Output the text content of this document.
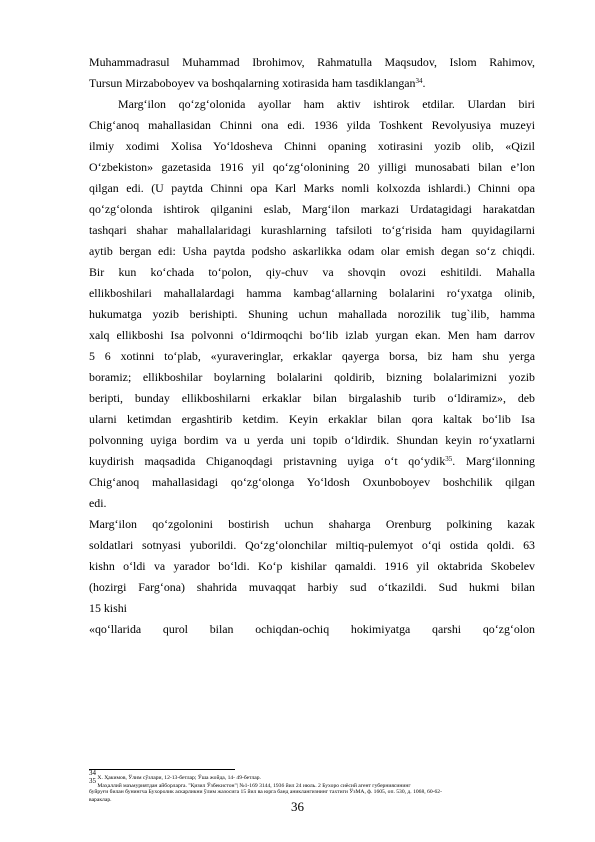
Muhammadrasul Muhammad Ibrohimov, Rahmatulla Maqsudov, Islom Rahimov,
Tursun Mirzaboboyev va boshqalarning xotirasida ham tasdiklangan$^{34}$.
Marg‘ilon qo‘zg‘olonida ayollar ham aktiv ishtirok etdilar. Ulardan biri
Chig‘anoq mahallasidan Chinni ona edi. 1936 yilda Toshkent Revolyusiya muzeyi
ilmiy xodimi Xolisa Yo‘ldosheva Chinni opaning xotirasini yozib olib, «Qizil
O‘zbekiston» gazetasida 1916 yil qo‘zg‘olonining 20 yilligi munosabati bilan e’lon
qilgan edi. (U paytda Chinni opa Karl Marks nomli kolxozda ishlardi.) Chinni opa
qo‘zg‘olonda ishtirok qilganini eslab, Marg‘ilon markazi Urdatagidagi harakatdan
tashqari shahar mahallalaridagi kurashlarning tafsiloti to‘g‘risida ham quyidagilarni
aytib bergan edi: Usha paytda podsho askarlikka odam olar emish degan so‘z chiqdi.
Bir kun ko‘chada to‘polon, qiy-chuv va shovqin ovozi eshitildi. Mahalla
ellikboshilari mahallalardagi hamma kambag‘allarning bolalarini ro‘yxatga olinib,
hukumatga yozib berishipti. Shuning uchun mahallada norozilik tug`ilib, hamma
xalq ellikboshi Isa polvonni o‘ldirmoqchi bo‘lib izlab yurgan ekan. Men ham darrov
5 6 xotinni to‘plab, «yuraveringlar, erkaklar qayerga borsa, biz ham shu yerga
boramiz; ellikboshilar boylarning bolalarini qoldirib, bizning bolalarimizni yozib
beripti, bunday ellikboshilarni erkaklar bilan birgalashib turib o‘ldiramiz», deb
ularni ketimdan ergashtirib ketdim. Keyin erkaklar bilan qora kaltak bo‘lib Isa
polvonning uyiga bordim va u yerda uni topib o‘ldirdik. Shundan keyin ro‘yxatlarni
kuydirish maqsadida Chiganoqdagi pristavning uyiga o‘t qo‘ydik$^{35}$. Marg‘ilonning
Chig‘anoq mahallasidagi qo‘zg‘olonga Yo‘ldosh Oxunboboyev boshchilik qilgan
edi.
Marg‘ilon qo‘zgolonini bostirish uchun shaharga Orenburg polkining kazak
soldatlari sotnyasi yuborildi. Qo‘zg‘olonchilar miltiq-pulemyot o‘qi ostida qoldi. 63
kishn o‘ldi va yarador bo‘ldi. Ko‘p kishilar qamaldi. 1916 yil oktabrida Skobelev
(hozirgi Farg‘ona) shahrida muvaqqat harbiy sud o‘tkazildi. Sud hukmi bilan
15 kishi
«qo‘llarida qurol bilan ochiqdan-ochiq hokimiyatga qarshi qo‘zg‘olon
$^{34}$ Х. Ҳакимов, Ўлим сўзлари, 12-13-бетлар; Ўша жойда, 14- 49-бетлар.
$^{35}$ Маҳаллий маъмуриятдан айборларга. "Қизил Ўзбекистон"| №1-169 3144, 1936 йил 24 июль. 2 Бухоро сиёсий агент губерниясининг
буйруғи билан бунингча Бухоролик аскарликни ўлим жазосига 15 йил ва юрга банд аниклангизнинг тахтиги ЎзМА, ф. 1605, оп. 530, д. 1068, 60-62-
вараклар.	36
